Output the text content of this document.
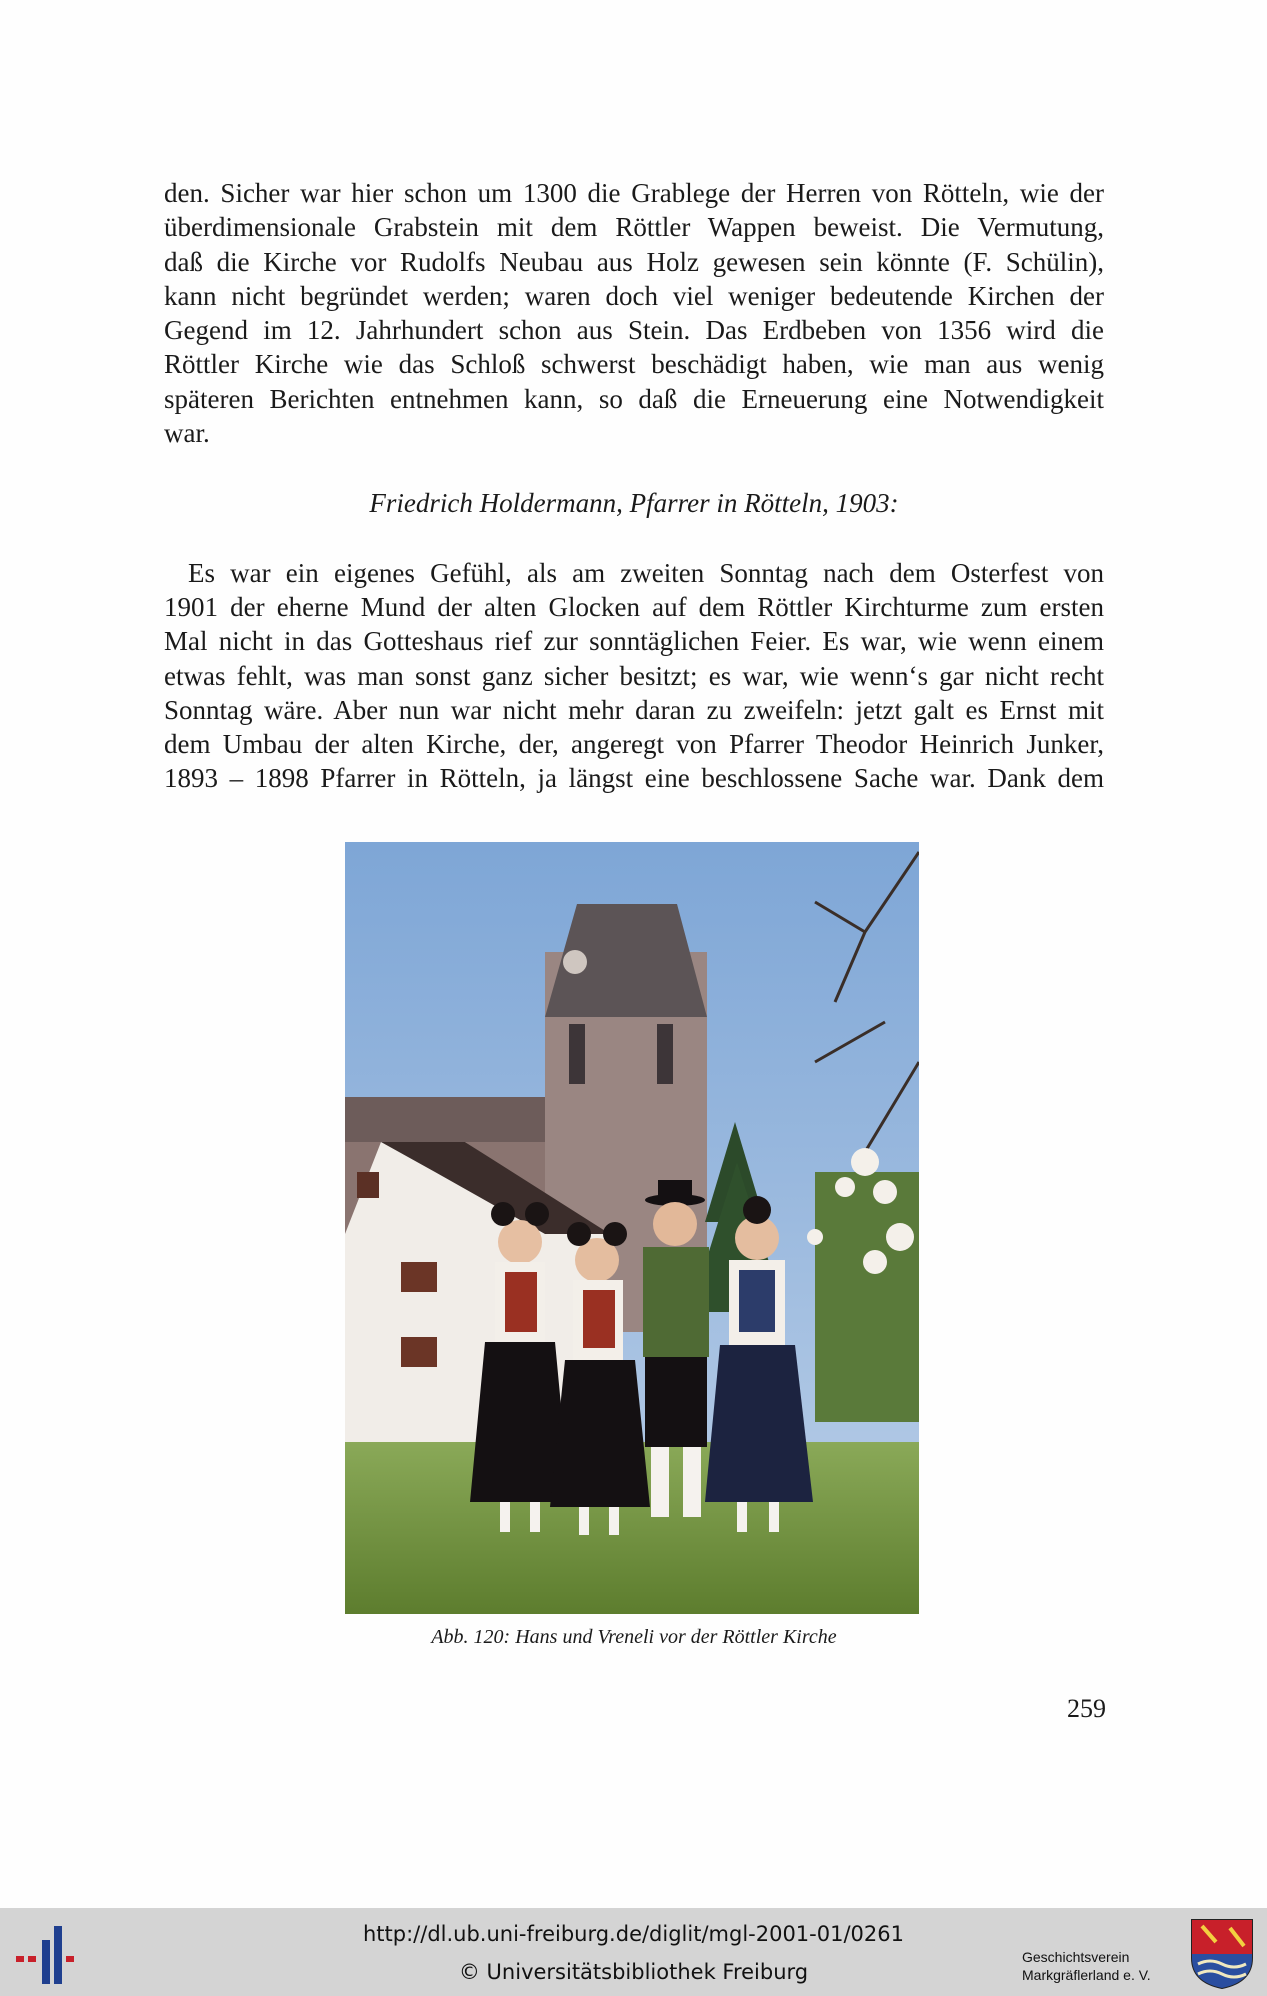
den. Sicher war hier schon um 1300 die Grablege der Herren von Rötteln, wie der
überdimensionale Grabstein mit dem Röttler Wappen beweist. Die Vermutung,
daß die Kirche vor Rudolfs Neubau aus Holz gewesen sein könnte (F. Schülin),
kann nicht begründet werden; waren doch viel weniger bedeutende Kirchen der
Gegend im 12. Jahrhundert schon aus Stein. Das Erdbeben von 1356 wird die
Röttler Kirche wie das Schloß schwerst beschädigt haben, wie man aus wenig
späteren Berichten entnehmen kann, so daß die Erneuerung eine Notwendigkeit
war.
Friedrich Holdermann, Pfarrer in Rötteln, 1903:
Es war ein eigenes Gefühl, als am zweiten Sonntag nach dem Osterfest von
1901 der eherne Mund der alten Glocken auf dem Röttler Kirchturme zum ersten
Mal nicht in das Gotteshaus rief zur sonntäglichen Feier. Es war, wie wenn einem
etwas fehlt, was man sonst ganz sicher besitzt; es war, wie wenn‘s gar nicht recht
Sonntag wäre. Aber nun war nicht mehr daran zu zweifeln: jetzt galt es Ernst mit
dem Umbau der alten Kirche, der, angeregt von Pfarrer Theodor Heinrich Junker,
1893 – 1898 Pfarrer in Rötteln, ja längst eine beschlossene Sache war. Dank dem
Abb. 120: Hans und Vreneli vor der Röttler Kirche
259
http://dl.ub.uni-freiburg.de/diglit/mgl-2001-01/0261
© Universitätsbibliothek Freiburg
Geschichtsverein
Markgräflerland e. V.
